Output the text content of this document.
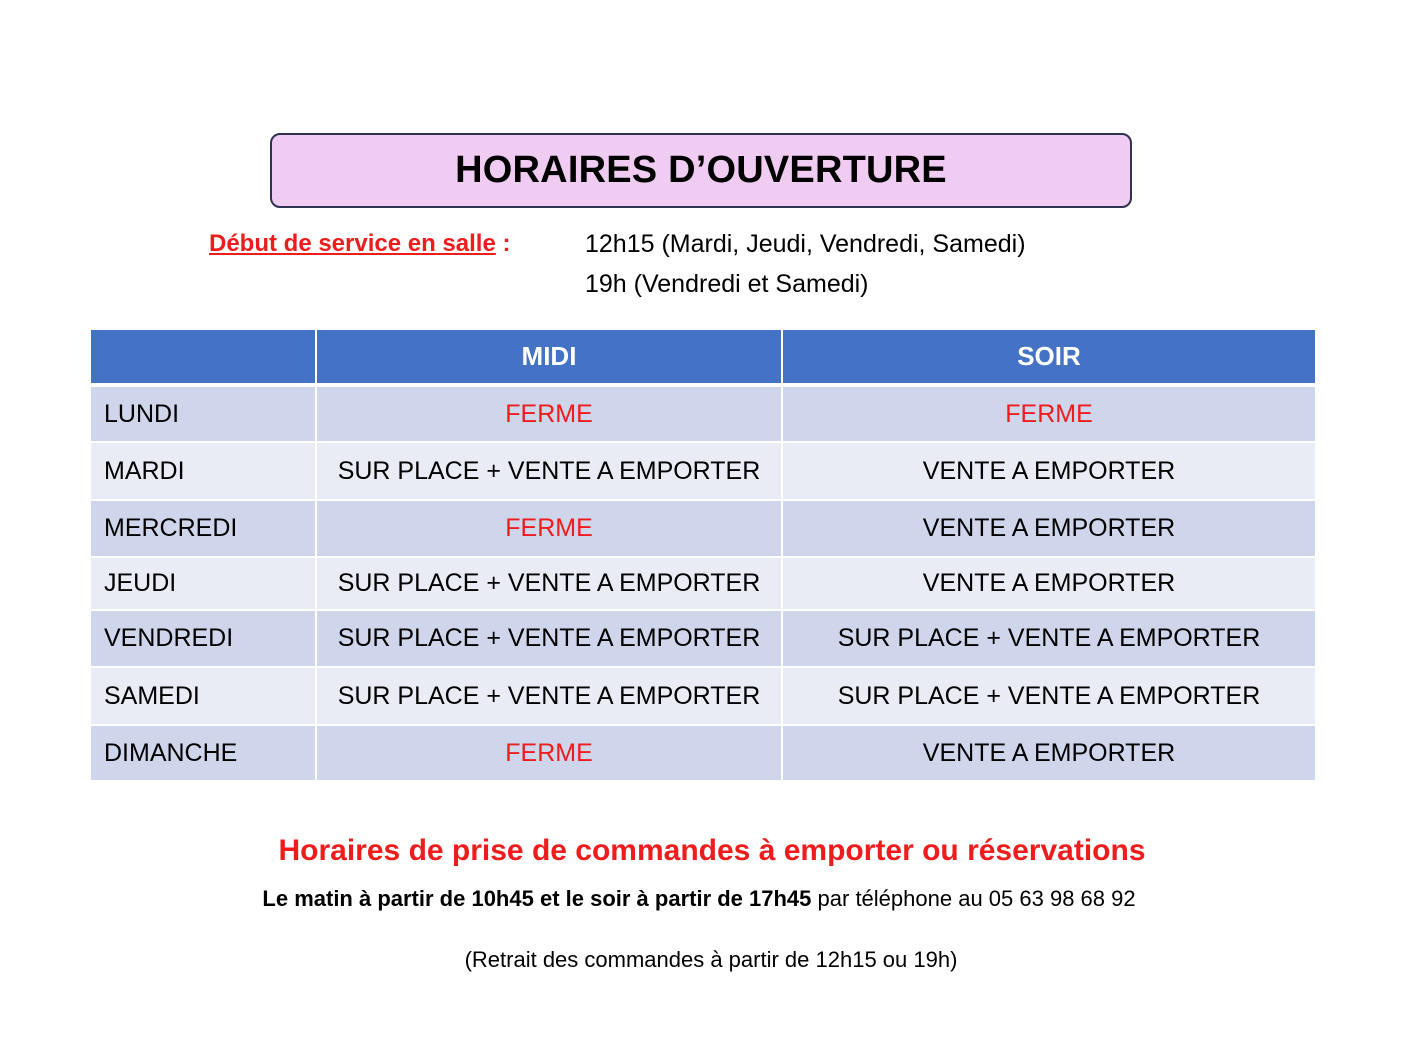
HORAIRES D’OUVERTURE
Début de service en salle :	12h15 (Mardi, Jeudi, Vendredi, Samedi)
19h (Vendredi et Samedi)
	MIDI	SOIR
LUNDI	FERME	FERME
MARDI	SUR PLACE + VENTE A EMPORTER	VENTE A EMPORTER
MERCREDI	FERME	VENTE A EMPORTER
JEUDI	SUR PLACE + VENTE A EMPORTER	VENTE A EMPORTER
VENDREDI	SUR PLACE + VENTE A EMPORTER	SUR PLACE + VENTE A EMPORTER
SAMEDI	SUR PLACE + VENTE A EMPORTER	SUR PLACE + VENTE A EMPORTER
DIMANCHE	FERME	VENTE A EMPORTER
Horaires de prise de commandes à emporter ou réservations
Le matin à partir de 10h45 et le soir à partir de 17h45 par téléphone au 05 63 98 68 92
(Retrait des commandes à partir de 12h15 ou 19h)
